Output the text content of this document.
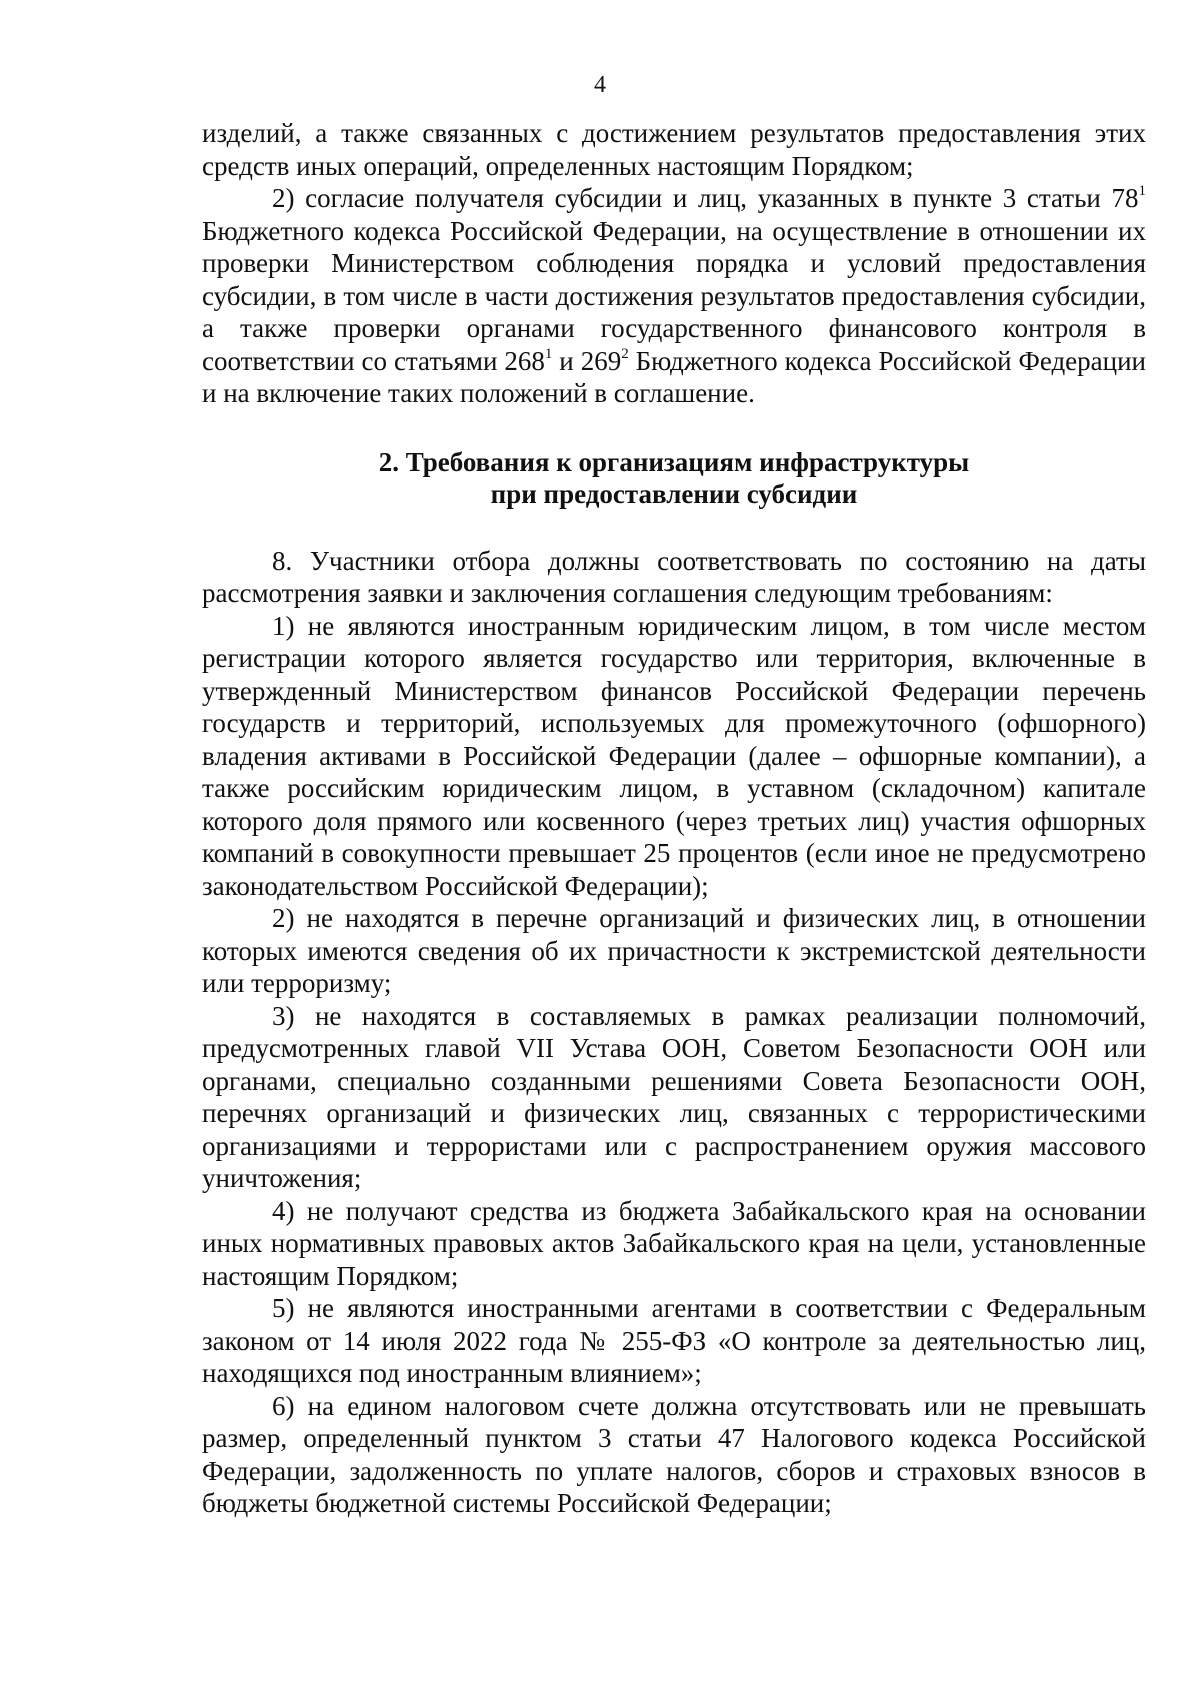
4

изделий, а также связанных с достижением результатов предоставления этих средств иных операций, определенных настоящим Порядком;

2) согласие получателя субсидии и лиц, указанных в пункте 3 статьи $78^1$ Бюджетного кодекса Российской Федерации, на осуществление в отношении их проверки Министерством соблюдения порядка и условий предоставления субсидии, в том числе в части достижения результатов предоставления субсидии, а также проверки органами государственного финансового контроля в соответствии со статьями $268^1$ и $269^2$ Бюджетного кодекса Российской Федерации и на включение таких положений в соглашение.

2. Требования к организациям инфраструктуры
при предоставлении субсидии

8. Участники отбора должны соответствовать по состоянию на даты рассмотрения заявки и заключения соглашения следующим требованиям:

1) не являются иностранным юридическим лицом, в том числе местом регистрации которого является государство или территория, включенные в утвержденный Министерством финансов Российской Федерации перечень государств и территорий, используемых для промежуточного (офшорного) владения активами в Российской Федерации (далее – офшорные компании), а также российским юридическим лицом, в уставном (складочном) капитале которого доля прямого или косвенного (через третьих лиц) участия офшорных компаний в совокупности превышает 25 процентов (если иное не предусмотрено законодательством Российской Федерации);

2) не находятся в перечне организаций и физических лиц, в отношении которых имеются сведения об их причастности к экстремистской деятельности или терроризму;

3) не находятся в составляемых в рамках реализации полномочий, предусмотренных главой VII Устава ООН, Советом Безопасности ООН или органами, специально созданными решениями Совета Безопасности ООН, перечнях организаций и физических лиц, связанных с террористическими организациями и террористами или с распространением оружия массового уничтожения;

4) не получают средства из бюджета Забайкальского края на основании иных нормативных правовых актов Забайкальского края на цели, установленные настоящим Порядком;

5) не являются иностранными агентами в соответствии с Федеральным законом от 14 июля 2022 года № 255-ФЗ «О контроле за деятельностью лиц, находящихся под иностранным влиянием»;

6) на едином налоговом счете должна отсутствовать или не превышать размер, определенный пунктом 3 статьи 47 Налогового кодекса Российской Федерации, задолженность по уплате налогов, сборов и страховых взносов в бюджеты бюджетной системы Российской Федерации;
